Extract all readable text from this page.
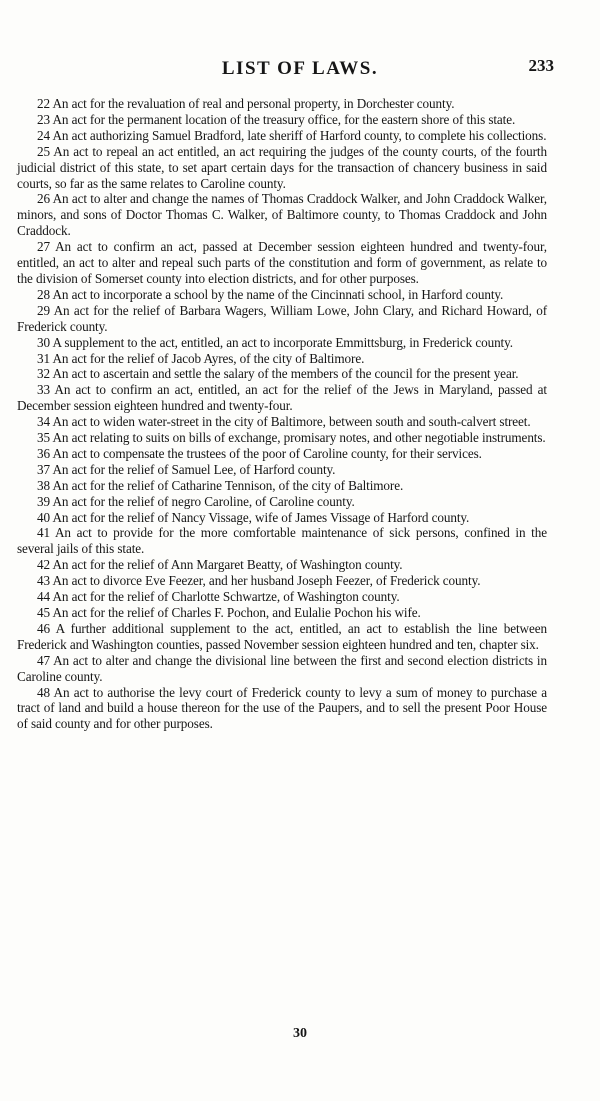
LIST OF LAWS.	233

22 An act for the revaluation of real and personal property, in Dorchester county.

23 An act for the permanent location of the treasury office, for the eastern shore of this state.

24 An act authorizing Samuel Bradford, late sheriff of Harford county, to complete his collections.

25 An act to repeal an act entitled, an act requiring the judges of the county courts, of the fourth judicial district of this state, to set apart certain days for the transaction of chancery business in said courts, so far as the same relates to Caroline county.

26 An act to alter and change the names of Thomas Craddock Walker, and John Craddock Walker, minors, and sons of Doctor Thomas C. Walker, of Baltimore county, to Thomas Craddock and John Craddock.

27 An act to confirm an act, passed at December session eighteen hundred and twenty-four, entitled, an act to alter and repeal such parts of the constitution and form of government, as relate to the division of Somerset county into election districts, and for other purposes.

28 An act to incorporate a school by the name of the Cincinnati school, in Harford county.

29 An act for the relief of Barbara Wagers, William Lowe, John Clary, and Richard Howard, of Frederick county.

30 A supplement to the act, entitled, an act to incorporate Emmittsburg, in Frederick county.

31 An act for the relief of Jacob Ayres, of the city of Baltimore.

32 An act to ascertain and settle the salary of the members of the council for the present year.

33 An act to confirm an act, entitled, an act for the relief of the Jews in Maryland, passed at December session eighteen hundred and twenty-four.

34 An act to widen water-street in the city of Baltimore, between south and south-calvert street.

35 An act relating to suits on bills of exchange, promisary notes, and other negotiable instruments.

36 An act to compensate the trustees of the poor of Caroline county, for their services.

37 An act for the relief of Samuel Lee, of Harford county.

38 An act for the relief of Catharine Tennison, of the city of Baltimore.

39 An act for the relief of negro Caroline, of Caroline county.

40 An act for the relief of Nancy Vissage, wife of James Vissage of Harford county.

41 An act to provide for the more comfortable maintenance of sick persons, confined in the several jails of this state.

42 An act for the relief of Ann Margaret Beatty, of Washington county.

43 An act to divorce Eve Feezer, and her husband Joseph Feezer, of Frederick county.

44 An act for the relief of Charlotte Schwartze, of Washington county.

45 An act for the relief of Charles F. Pochon, and Eulalie Pochon his wife.

46 A further additional supplement to the act, entitled, an act to establish the line between Frederick and Washington counties, passed November session eighteen hundred and ten, chapter six.

47 An act to alter and change the divisional line between the first and second election districts in Caroline county.

48 An act to authorise the levy court of Frederick county to levy a sum of money to purchase a tract of land and build a house thereon for the use of the Paupers, and to sell the present Poor House of said county and for other purposes.

30
